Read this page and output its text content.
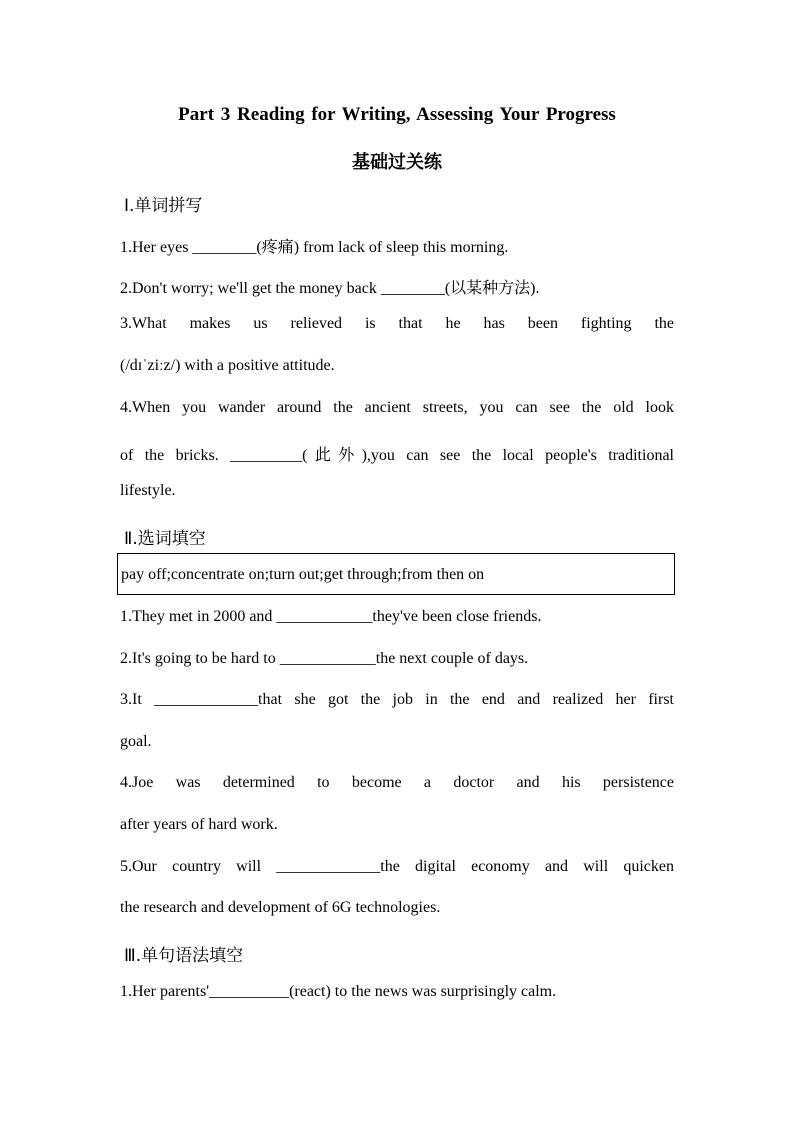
Part 3 Reading for Writing, Assessing Your Progress
基础过关练
Ⅰ.单词拼写
1.Her eyes ________(疼痛) from lack of sleep this morning.
2.Don't worry; we'll get the money back ________(以某种方法).
3.What makes us relieved is that he has been fighting the
(/dɪˈziːz/) with a positive attitude.
4.When you wander around the ancient streets, you can see the old look
of the bricks. _________(此外),you can see the local people's traditional
lifestyle.
Ⅱ.选词填空
pay off;concentrate on;turn out;get through;from then on
1.They met in 2000 and ____________they've been close friends.
2.It's going to be hard to ____________the next couple of days.
3.It _____________that she got the job in the end and realized her first
goal.
4.Joe was determined to become a doctor and his persistence
after years of hard work.
5.Our country will _____________the digital economy and will quicken
the research and development of 6G technologies.
Ⅲ.单句语法填空
1.Her parents'__________(react) to the news was surprisingly calm.
